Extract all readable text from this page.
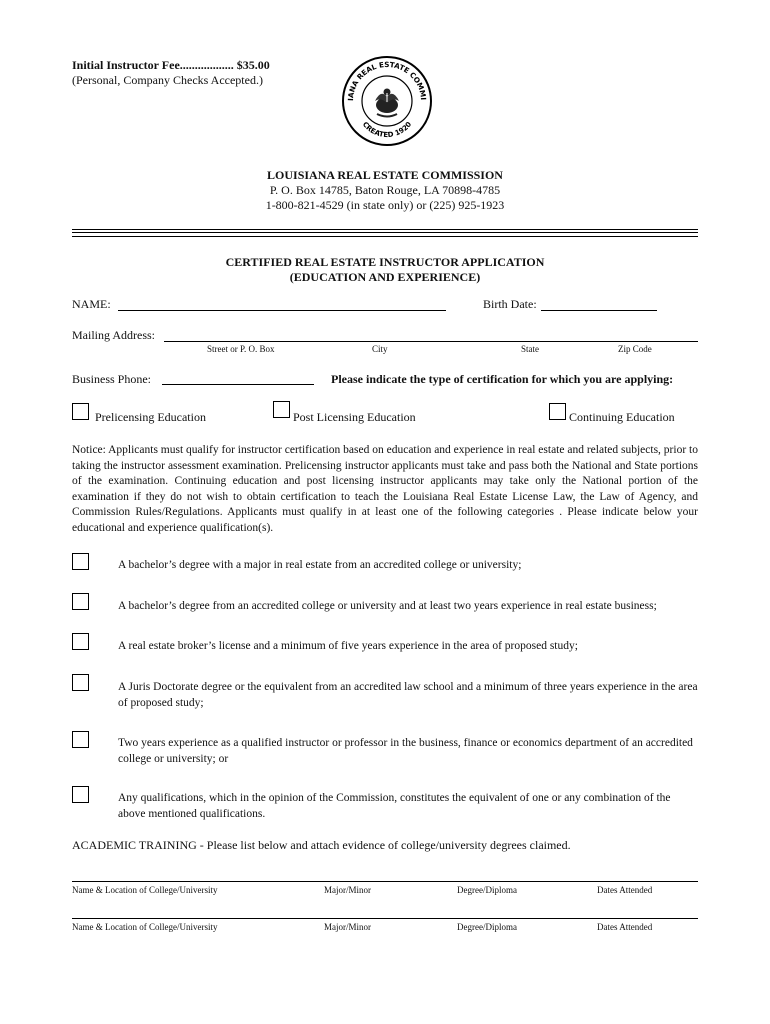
Initial Instructor Fee.................. $35.00
(Personal, Company Checks Accepted.)
IANA REAL ESTATE COMMI
CREATED 1920
LOUISIANA REAL ESTATE COMMISSION
P. O. Box 14785, Baton Rouge, LA 70898-4785
1-800-821-4529 (in state only) or (225) 925-1923
CERTIFIED REAL ESTATE INSTRUCTOR APPLICATION
(EDUCATION AND EXPERIENCE)
NAME:	Birth Date:
Mailing Address:
Street or P. O. Box	City	State	Zip Code
Business Phone:	Please indicate the type of certification for which you are applying:
Prelicensing Education	Post Licensing Education	Continuing Education
Notice: Applicants must qualify for instructor certification based on education and experience in real estate and related subjects, prior to taking the instructor assessment examination. Prelicensing instructor applicants must take and pass both the National and State portions of the examination. Continuing education and post licensing instructor applicants may take only the National portion of the examination if they do not wish to obtain certification to teach the Louisiana Real Estate License Law, the Law of Agency, and Commission Rules/Regulations. Applicants must qualify in at least one of the following categories . Please indicate below your educational and experience qualification(s).
A bachelor’s degree with a major in real estate from an accredited college or university;
A bachelor’s degree from an accredited college or university and at least two years experience in real estate business;
A real estate broker’s license and a minimum of five years experience in the area of proposed study;
A Juris Doctorate degree or the equivalent from an accredited law school and a minimum of three years experience in the area of proposed study;
Two years experience as a qualified instructor or professor in the business, finance or economics department of an accredited college or university; or
Any qualifications, which in the opinion of the Commission, constitutes the equivalent of one or any combination of the above mentioned qualifications.
ACADEMIC TRAINING - Please list below and attach evidence of college/university degrees claimed.
Name & Location of College/University	Major/Minor	Degree/Diploma	Dates Attended
Name & Location of College/University	Major/Minor	Degree/Diploma	Dates Attended
